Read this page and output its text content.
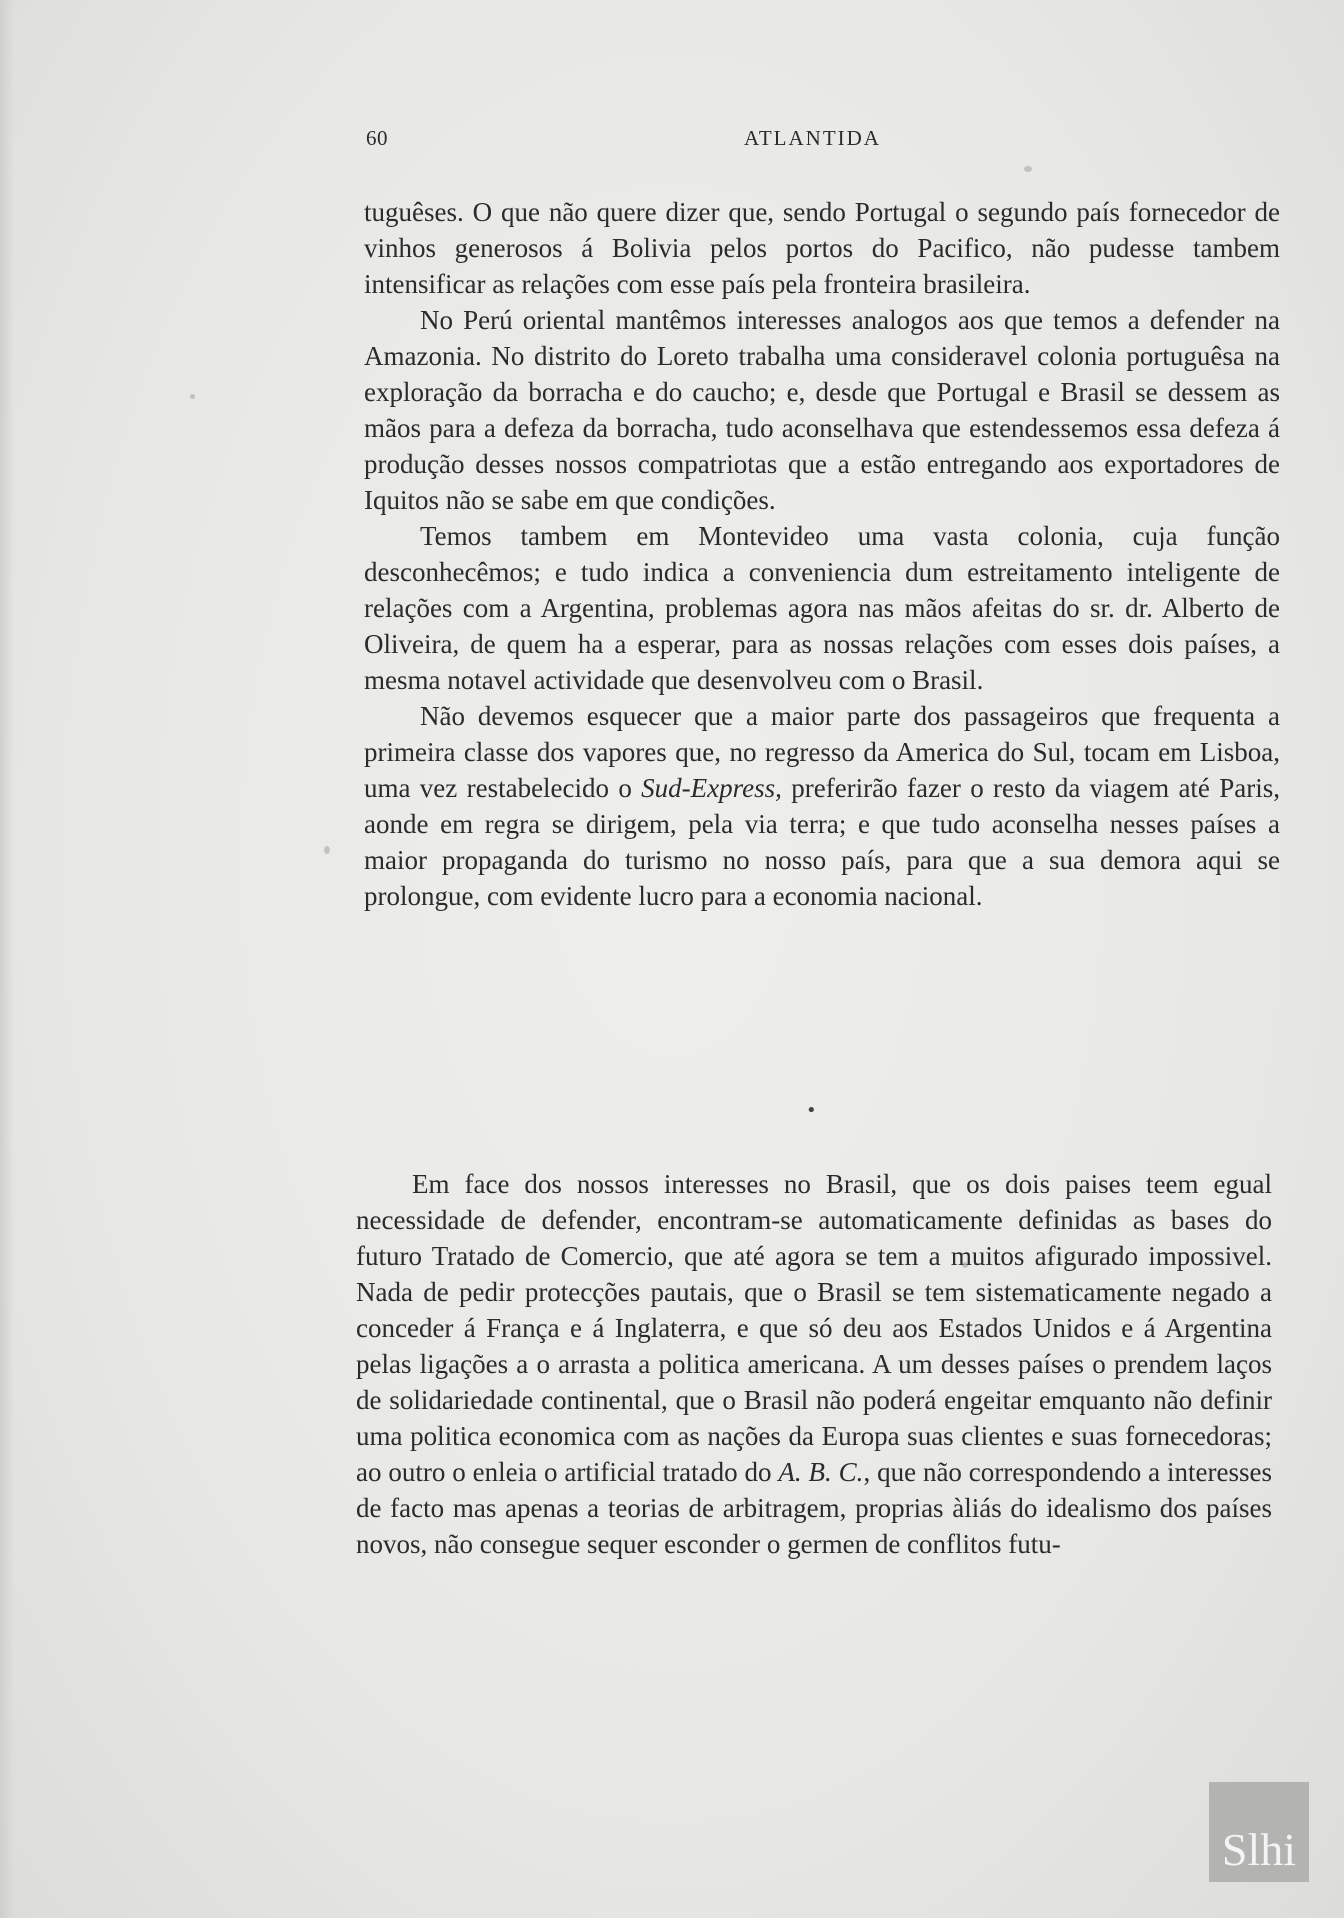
60	ATLANTIDA

tuguêses. O que não quere dizer que, sendo Portugal o segundo país fornecedor de vinhos generosos á Bolivia pelos portos do Pacifico, não pudesse tambem intensificar as relações com esse país pela fronteira brasileira.

No Perú oriental mantêmos interesses analogos aos que temos a defender na Amazonia. No distrito do Loreto trabalha uma consideravel colonia portuguêsa na exploração da borracha e do caucho; e, desde que Portugal e Brasil se dessem as mãos para a defeza da borracha, tudo aconselhava que estendessemos essa defeza á produção desses nossos compatriotas que a estão entregando aos exportadores de Iquitos não se sabe em que condições.

Temos tambem em Montevideo uma vasta colonia, cuja função desconhecêmos; e tudo indica a conveniencia dum estreitamento inteligente de relações com a Argentina, problemas agora nas mãos afeitas do sr. dr. Alberto de Oliveira, de quem ha a esperar, para as nossas relações com esses dois países, a mesma notavel actividade que desenvolveu com o Brasil.

Não devemos esquecer que a maior parte dos passageiros que frequenta a primeira classe dos vapores que, no regresso da America do Sul, tocam em Lisboa, uma vez restabelecido o Sud-Express, preferirão fazer o resto da viagem até Paris, aonde em regra se dirigem, pela via terra; e que tudo aconselha nesses países a maior propaganda do turismo no nosso país, para que a sua demora aqui se prolongue, com evidente lucro para a economia nacional.

•

Em face dos nossos interesses no Brasil, que os dois paises teem egual necessidade de defender, encontram-se automaticamente definidas as bases do futuro Tratado de Comercio, que até agora se tem a muitos afigurado impossivel. Nada de pedir protecções pautais, que o Brasil se tem sistematicamente negado a conceder á França e á Inglaterra, e que só deu aos Estados Unidos e á Argentina pelas ligações a o arrasta a politica americana. A um desses países o prendem laços de solidariedade continental, que o Brasil não poderá engeitar emquanto não definir uma politica economica com as nações da Europa suas clientes e suas fornecedoras; ao outro o enleia o artificial tratado do A. B. C., que não correspondendo a interesses de facto mas apenas a teorias de arbitragem, proprias àliás do idealismo dos países novos, não consegue sequer esconder o germen de conflitos futu-

Slhi
